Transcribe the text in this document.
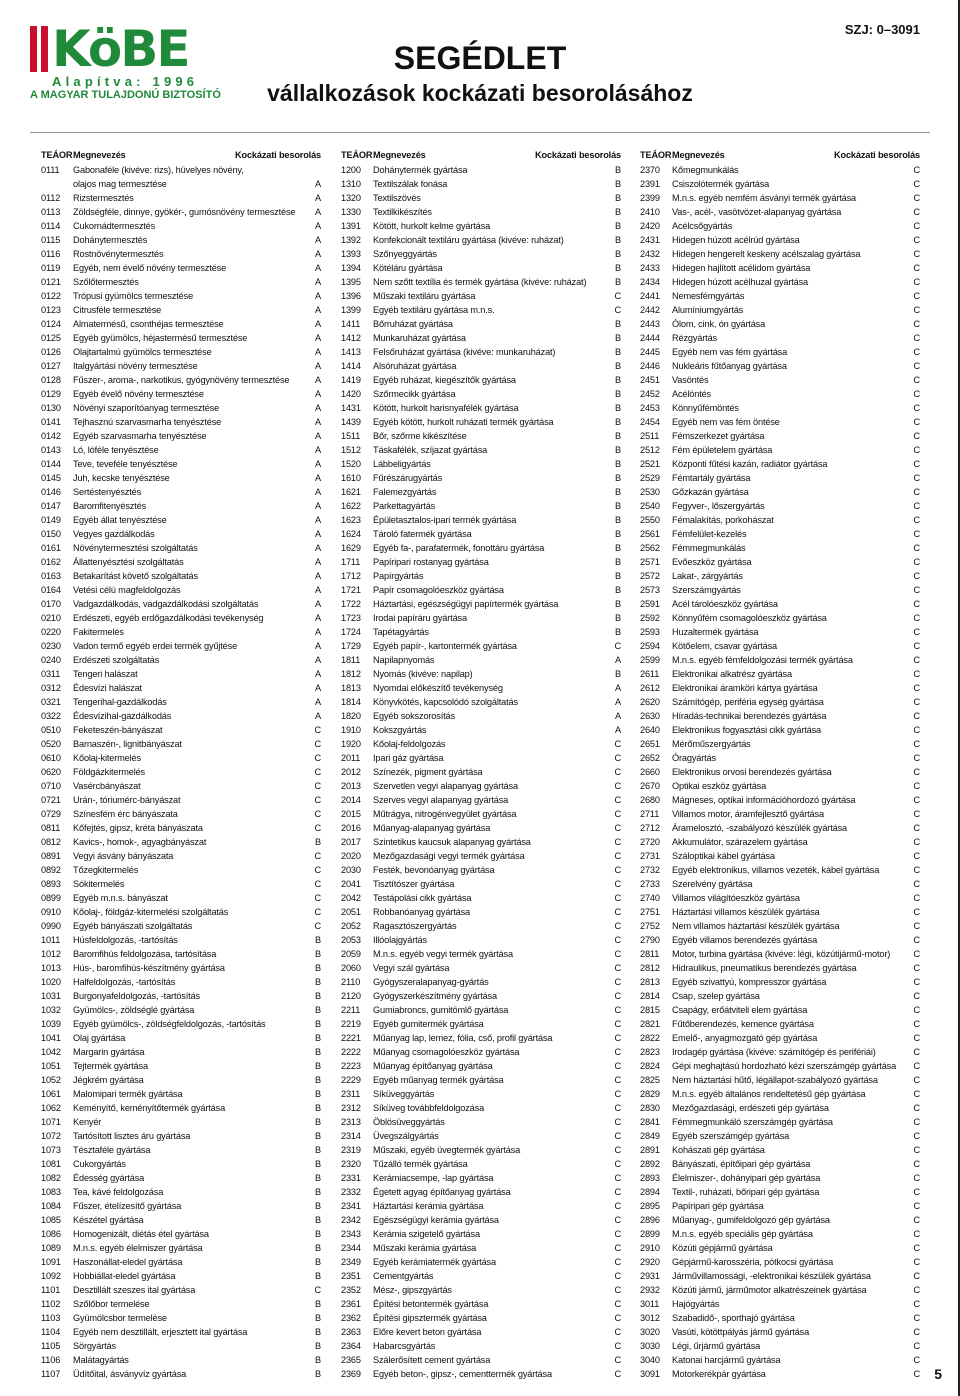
KöBE
Alapítva: 1996
A MAGYAR TULAJDONÚ BIZTOSÍTÓ
SEGÉDLET
vállalkozások kockázati besorolásához
SZJ: 0–3091
TEÁOR Megnevezés	Kockázati besorolás
0111	Gabonaféle (kivéve: rizs), hüvelyes növény,
olajos mag termesztése	A
0112	Rizstermesztés	A
0113	Zöldségféle, dinnye, gyökér-, gumósnövény termesztése	A
0114	Cukornádtermesztés	A
0115	Dohánytermesztés	A
0116	Rostnövénytermesztés	A
0119	Egyéb, nem évelő növény termesztése	A
0121	Szőlőtermesztés	A
0122	Trópusi gyümölcs termesztése	A
0123	Citrusféle termesztése	A
0124	Almatermésű, csonthéjas termesztése	A
0125	Egyéb gyümölcs, héjastermésű termesztése	A
0126	Olajtartalmú gyümölcs termesztése	A
0127	Italgyártási növény termesztése	A
0128	Fűszer-, aroma-, narkotikus, gyógynövény termesztése	A
0129	Egyéb évelő növény termesztése	A
0130	Növényi szaporítóanyag termesztése	A
0141	Tejhasznú szarvasmarha tenyésztése	A
0142	Egyéb szarvasmarha tenyésztése	A
0143	Ló, lóféle tenyésztése	A
0144	Teve, teveféle tenyésztése	A
0145	Juh, kecske tenyésztése	A
0146	Sertéstenyésztés	A
0147	Baromfitenyésztés	A
0149	Egyéb állat tenyésztése	A
0150	Vegyes gazdálkodás	A
0161	Növénytermesztési szolgáltatás	A
0162	Állattenyésztési szolgáltatás	A
0163	Betakarítást követő szolgáltatás	A
0164	Vetési célú magfeldolgozás	A
0170	Vadgazdálkodás, vadgazdálkodási szolgáltatás	A
0210	Erdészeti, egyéb erdőgazdálkodási tevékenység	A
0220	Fakitermelés	A
0230	Vadon termő egyéb erdei termék gyűjtése	A
0240	Erdészeti szolgáltatás	A
0311	Tengeri halászat	A
0312	Édesvízi halászat	A
0321	Tengerihal-gazdálkodás	A
0322	Édesvízihal-gazdálkodás	A
0510	Feketeszén-bányászat	C
0520	Barnaszén-, lignitbányászat	C
0610	Kőolaj-kitermelés	C
0620	Földgázkitermelés	C
0710	Vasércbányászat	C
0721	Urán-, tóriumérc-bányászat	C
0729	Színesfém érc bányászata	C
0811	Kőfejtés, gipsz, kréta bányászata	C
0812	Kavics-, homok-, agyagbányászat	B
0891	Vegyi ásvány bányászata	C
0892	Tőzegkitermelés	C
0893	Sókitermelés	C
0899	Egyéb m.n.s. bányászat	C
0910	Kőolaj-, földgáz-kitermelési szolgáltatás	C
0990	Egyéb bányászati szolgáltatás	C
1011	Húsfeldolgozás, -tartósítás	B
1012	Baromfihús feldolgozása, tartósítása	B
1013	Hús-, baromfihús-készítmény gyártása	B
1020	Halfeldolgozás, -tartósítás	B
1031	Burgonyafeldolgozás, -tartósítás	B
1032	Gyümölcs-, zöldséglé gyártása	B
1039	Egyéb gyümölcs-, zöldségfeldolgozás, -tartósítás	B
1041	Olaj gyártása	B
1042	Margarin gyártása	B
1051	Tejtermék gyártása	B
1052	Jégkrém gyártása	B
1061	Malomipari termék gyártása	B
1062	Keményítő, keményítőtermék gyártása	B
1071	Kenyér	B
1072	Tartósított lisztes áru gyártása	B
1073	Tésztaféle gyártása	B
1081	Cukorgyártás	B
1082	Édesség gyártása	B
1083	Tea, kávé feldolgozása	B
1084	Fűszer, ételízesítő gyártása	B
1085	Készétel gyártása	B
1086	Homogenizált, diétás étel gyártása	B
1089	M.n.s. egyéb élelmiszer gyártása	B
1091	Haszonállat-eledel gyártása	B
1092	Hobbiállat-eledel gyártása	B
1101	Desztillált szeszes ital gyártása	C
1102	Szőlőbor termelése	B
1103	Gyümölcsbor termelése	B
1104	Egyéb nem desztillált, erjesztett ital gyártása	B
1105	Sörgyártás	B
1106	Malátagyártás	B
1107	Üdítőital, ásványvíz gyártása	B
TEÁOR Megnevezés	Kockázati besorolás
1200	Dohánytermék gyártása	B
1310	Textilszálak fonása	B
1320	Textilszövés	B
1330	Textilkikészítés	B
1391	Kötött, hurkolt kelme gyártása	B
1392	Konfekcionált textiláru gyártása (kivéve: ruházat)	B
1393	Szőnyeggyártás	B
1394	Kötéláru gyártása	B
1395	Nem szőtt textília és termék gyártása (kivéve: ruházat)	B
1396	Műszaki textiláru gyártása	C
1399	Egyéb textiláru gyártása m.n.s.	C
1411	Bőrruházat gyártása	B
1412	Munkaruházat gyártása	B
1413	Felsőruházat gyártása (kivéve: munkaruházat)	B
1414	Alsóruházat gyártása	B
1419	Egyéb ruházat, kiegészítők gyártása	B
1420	Szőrmecikk gyártása	B
1431	Kötött, hurkolt harisnyafélék gyártása	B
1439	Egyéb kötött, hurkolt ruházati termék gyártása	B
1511	Bőr, szőrme kikészítése	B
1512	Táskafélék, szíjazat gyártása	B
1520	Lábbeligyártás	B
1610	Fűrészárugyártás	B
1621	Falemezgyártás	B
1622	Parkettagyártás	B
1623	Épületasztalos-ipari termék gyártása	B
1624	Tároló fatermék gyártása	B
1629	Egyéb fa-, parafatermék, fonottáru gyártása	B
1711	Papíripari rostanyag gyártása	B
1712	Papírgyártás	B
1721	Papír csomagolóeszköz gyártása	B
1722	Háztartási, egészségügyi papírtermék gyártása	B
1723	Irodai papíráru gyártása	B
1724	Tapétagyártás	B
1729	Egyéb papír-, kartontermék gyártása	C
1811	Napilapnyomás	A
1812	Nyomás (kivéve: napilap)	B
1813	Nyomdai előkészítő tevékenység	A
1814	Könyvkötés, kapcsolódó szolgáltatás	A
1820	Egyéb sokszorosítás	A
1910	Kokszgyártás	A
1920	Kőolaj-feldolgozás	C
2011	Ipari gáz gyártása	C
2012	Színezék, pigment gyártása	C
2013	Szervetlen vegyi alapanyag gyártása	C
2014	Szerves vegyi alapanyag gyártása	C
2015	Műtrágya, nitrogénvegyület gyártása	C
2016	Műanyag-alapanyag gyártása	C
2017	Szintetikus kaucsuk alapanyag gyártása	C
2020	Mezőgazdasági vegyi termék gyártása	C
2030	Festék, bevonóanyag gyártása	C
2041	Tisztítószer gyártása	C
2042	Testápolási cikk gyártása	C
2051	Robbanóanyag gyártása	C
2052	Ragasztószergyártás	C
2053	Illóolajgyártás	C
2059	M.n.s. egyéb vegyi termék gyártása	C
2060	Vegyi szál gyártása	C
2110	Gyógyszeralapanyag-gyártás	C
2120	Gyógyszerkészítmény gyártása	C
2211	Gumiabroncs, gumitömlő gyártása	C
2219	Egyéb gumitermék gyártása	C
2221	Műanyag lap, lemez, fólia, cső, profil gyártása	C
2222	Műanyag csomagolóeszköz gyártása	C
2223	Műanyag építőanyag gyártása	C
2229	Egyéb műanyag termék gyártása	C
2311	Síküveggyártás	C
2312	Síküveg továbbfeldolgozása	C
2313	Öblösüveggyártás	C
2314	Üvegszálgyártás	C
2319	Műszaki, egyéb üvegtermék gyártása	C
2320	Tűzálló termék gyártása	C
2331	Kerámiacsempe, -lap gyártása	C
2332	Égetett agyag építőanyag gyártása	C
2341	Háztartási kerámia gyártása	C
2342	Egészségügyi kerámia gyártása	C
2343	Kerámia szigetelő gyártása	C
2344	Műszaki kerámia gyártása	C
2349	Egyéb kerámiatermék gyártása	C
2351	Cementgyártás	C
2352	Mész-, gipszgyártás	C
2361	Építési betontermék gyártása	C
2362	Építési gipsztermék gyártása	C
2363	Előre kevert beton gyártása	C
2364	Habarcsgyártás	C
2365	Szálerősített cement gyártása	C
2369	Egyéb beton-, gipsz-, cementtermék gyártása	C
TEÁOR Megnevezés	Kockázati besorolás
2370	Kőmegmunkálás	C
2391	Csiszolótermék gyártása	C
2399	M.n.s. egyéb nemfém ásványi termék gyártása	C
2410	Vas-, acél-, vasötvözet-alapanyag gyártása	C
2420	Acélcsőgyártás	C
2431	Hidegen húzott acélrúd gyártása	C
2432	Hidegen hengerelt keskeny acélszalag gyártása	C
2433	Hidegen hajlított acélidom gyártása	C
2434	Hidegen húzott acélhuzal gyártása	C
2441	Nemesfémgyártás	C
2442	Alumíniumgyártás	C
2443	Ólom, cink, ón gyártása	C
2444	Rézgyártás	C
2445	Egyéb nem vas fém gyártása	C
2446	Nukleáris fűtőanyag gyártása	C
2451	Vasöntés	C
2452	Acélöntés	C
2453	Könnyűfémöntés	C
2454	Egyéb nem vas fém öntése	C
2511	Fémszerkezet gyártása	C
2512	Fém épületelem gyártása	C
2521	Központi fűtési kazán, radiátor gyártása	C
2529	Fémtartály gyártása	C
2530	Gőzkazán gyártása	C
2540	Fegyver-, lőszergyártás	C
2550	Fémalakítás, porkohászat	C
2561	Fémfelület-kezelés	C
2562	Fémmegmunkálás	C
2571	Evőeszköz gyártása	C
2572	Lakat-, zárgyártás	C
2573	Szerszámgyártás	C
2591	Acél tárolóeszköz gyártása	C
2592	Könnyűfém csomagolóeszköz gyártása	C
2593	Huzaltermék gyártása	C
2594	Kötőelem, csavar gyártása	C
2599	M.n.s. egyéb fémfeldolgozási termék gyártása	C
2611	Elektronikai alkatrész gyártása	C
2612	Elektronikai áramköri kártya gyártása	C
2620	Számítógép, periféria egység gyártása	C
2630	Híradás-technikai berendezés gyártása	C
2640	Elektronikus fogyasztási cikk gyártása	C
2651	Mérőműszergyártás	C
2652	Óragyártás	C
2660	Elektronikus orvosi berendezés gyártása	C
2670	Optikai eszköz gyártása	C
2680	Mágneses, optikai információhordozó gyártása	C
2711	Villamos motor, áramfejlesztő gyártása	C
2712	Áramelosztó, -szabályozó készülék gyártása	C
2720	Akkumulátor, szárazelem gyártása	C
2731	Száloptikai kábel gyártása	C
2732	Egyéb elektronikus, villamos vezeték, kábel gyártása	C
2733	Szerelvény gyártása	C
2740	Villamos világítóeszköz gyártása	C
2751	Háztartási villamos készülék gyártása	C
2752	Nem villamos háztartási készülék gyártása	C
2790	Egyéb villamos berendezés gyártása	C
2811	Motor, turbina gyártása (kivéve: légi, közútijármű-motor)	C
2812	Hidraulikus, pneumatikus berendezés gyártása	C
2813	Egyéb szivattyú, kompresszor gyártása	C
2814	Csap, szelep gyártása	C
2815	Csapágy, erőátviteli elem gyártása	C
2821	Fűtőberendezés, kemence gyártása	C
2822	Emelő-, anyagmozgató gép gyártása	C
2823	Irodagép gyártása (kivéve: számítógép és perifériái)	C
2824	Gépi meghajtású hordozható kézi szerszámgép gyártása	C
2825	Nem háztartási hűtő, légállapot-szabályozó gyártása	C
2829	M.n.s. egyéb általános rendeltetésű gép gyártása	C
2830	Mezőgazdasági, erdészeti gép gyártása	C
2841	Fémmegmunkáló szerszámgép gyártása	C
2849	Egyéb szerszámgép gyártása	C
2891	Kohászati gép gyártása	C
2892	Bányászati, építőipari gép gyártása	C
2893	Élelmiszer-, dohányipari gép gyártása	C
2894	Textil-, ruházati, bőripari gép gyártása	C
2895	Papíripari gép gyártása	C
2896	Műanyag-, gumifeldolgozó gép gyártása	C
2899	M.n.s. egyéb speciális gép gyártása	C
2910	Közúti gépjármű gyártása	C
2920	Gépjármű-karosszéria, pótkocsi gyártása	C
2931	Járművillamossági, -elektronikai készülék gyártása	C
2932	Közúti jármű, járműmotor alkatrészeinek gyártása	C
3011	Hajógyártás	C
3012	Szabadidő-, sporthajó gyártása	C
3020	Vasúti, kötöttpályás jármű gyártása	C
3030	Légi, űrjármű gyártása	C
3040	Katonai harcjármű gyártása	C
3091	Motorkerékpár gyártása	C 5
